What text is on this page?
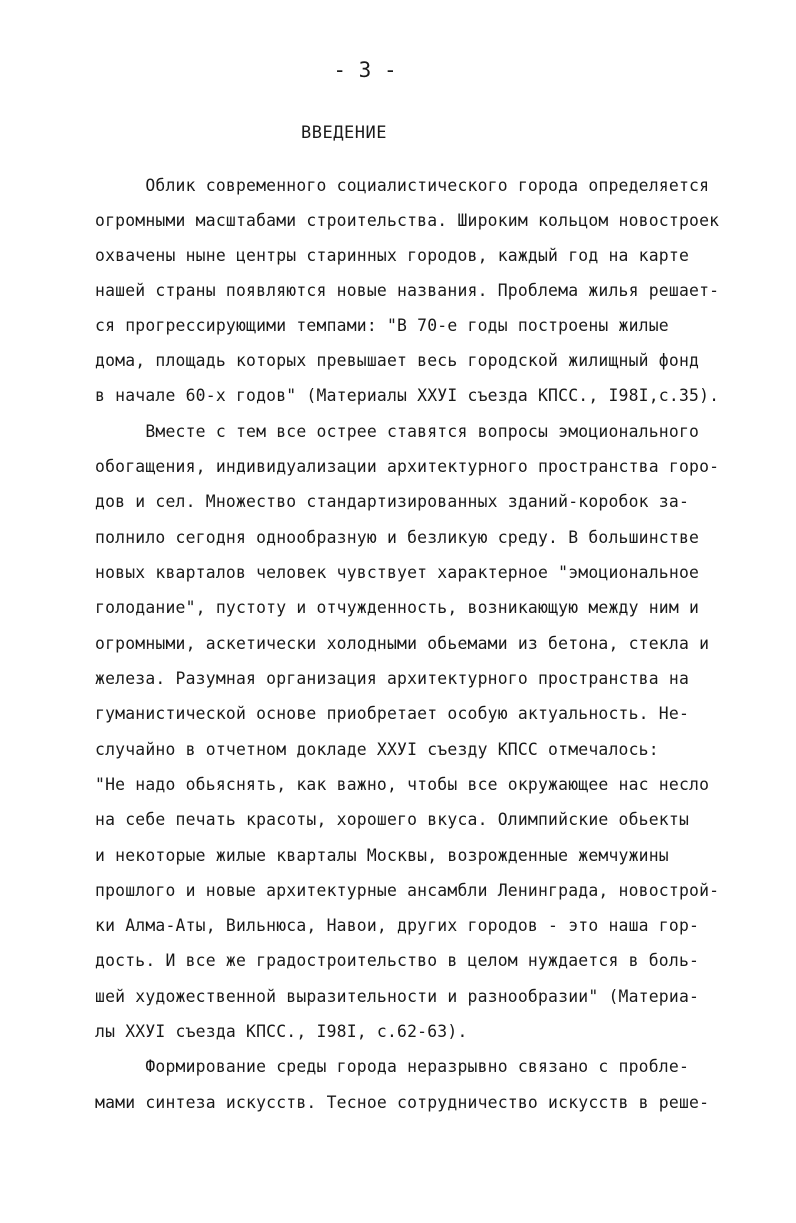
- 3 -
ВВЕДЕНИЕ
Облик современного социалистического города определяется
огромными масштабами строительства. Широким кольцом новостроек
охвачены ныне центры старинных городов, каждый год на карте
нашей страны появляются новые названия. Проблема жилья решает-
ся прогрессирующими темпами: "В 70-е годы построены жилые
дома, площадь которых превышает весь городской жилищный фонд
в начале 60-х годов" (Материалы ХХУI съезда КПСС., I98I,с.35).
Вместе с тем все острее ставятся вопросы эмоционального
обогащения, индивидуализации архитектурного пространства горо-
дов и сел. Множество стандартизированных зданий-коробок за-
полнило сегодня однообразную и безликую среду. В большинстве
новых кварталов человек чувствует характерное "эмоциональное
голодание", пустоту и отчужденность, возникающую между ним и
огромными, аскетически холодными обьемами из бетона, стекла и
железа. Разумная организация архитектурного пространства на
гуманистической основе приобретает особую актуальность. Не-
случайно в отчетном докладе ХХУI съезду КПСС отмечалось:
"Не надо обьяснять, как важно, чтобы все окружающее нас несло
на себе печать красоты, хорошего вкуса. Олимпийские обьекты
и некоторые жилые кварталы Москвы, возрожденные жемчужины
прошлого и новые архитектурные ансамбли Ленинграда, новострой-
ки Алма-Аты, Вильнюса, Навои, других городов - это наша гор-
дость. И все же градостроительство в целом нуждается в боль-
шей художественной выразительности и разнообразии" (Материа-
лы ХХУI съезда КПСС., I98I, с.62-63).
Формирование среды города неразрывно связано с пробле-
мами синтеза искусств. Тесное сотрудничество искусств в реше-
